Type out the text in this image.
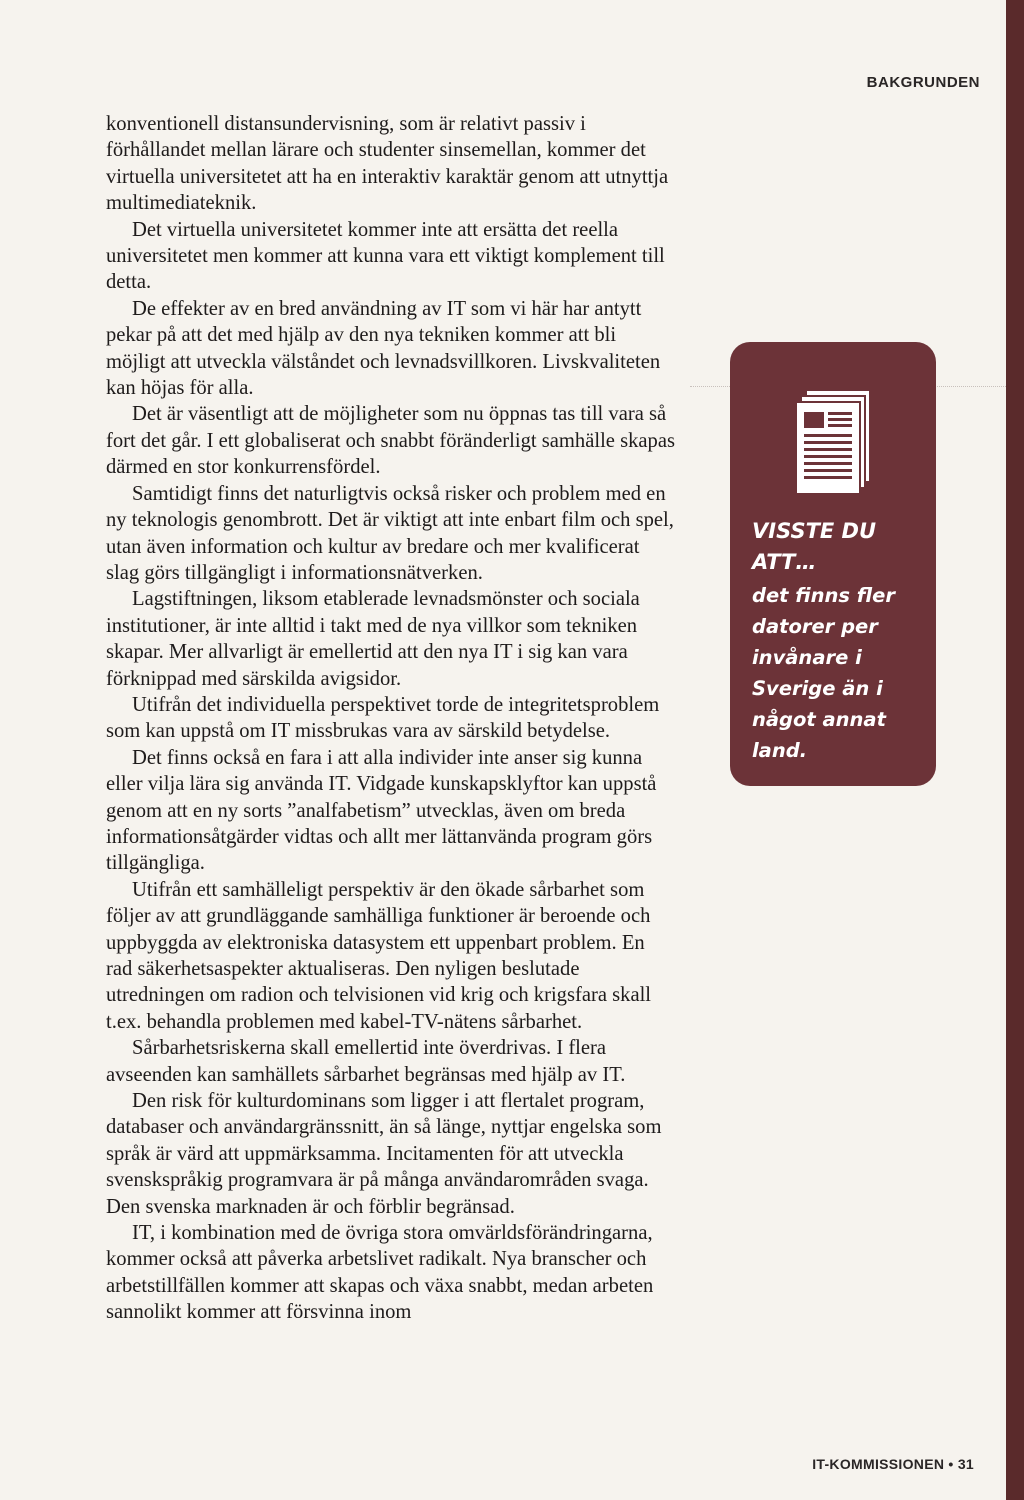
BAKGRUNDEN

konventionell distansundervisning, som är relativt passiv i förhållandet mellan lärare och studenter sinsemellan, kommer det virtuella universitetet att ha en interaktiv karaktär genom att utnyttja multimediateknik.

Det virtuella universitetet kommer inte att ersätta det reella universitetet men kommer att kunna vara ett viktigt komplement till detta.

De effekter av en bred användning av IT som vi här har antytt pekar på att det med hjälp av den nya tekniken kommer att bli möjligt att utveckla välståndet och levnadsvillkoren. Livskvaliteten kan höjas för alla.

Det är väsentligt att de möjligheter som nu öppnas tas till vara så fort det går. I ett globaliserat och snabbt föränderligt samhälle skapas därmed en stor konkurrensfördel.

Samtidigt finns det naturligtvis också risker och problem med en ny teknologis genombrott. Det är viktigt att inte enbart film och spel, utan även information och kultur av bredare och mer kvalificerat slag görs tillgängligt i informationsnätverken.

Lagstiftningen, liksom etablerade levnadsmönster och sociala institutioner, är inte alltid i takt med de nya villkor som tekniken skapar. Mer allvarligt är emellertid att den nya IT i sig kan vara förknippad med särskilda avigsidor.

Utifrån det individuella perspektivet torde de integritetsproblem som kan uppstå om IT missbrukas vara av särskild betydelse.

Det finns också en fara i att alla individer inte anser sig kunna eller vilja lära sig använda IT. Vidgade kunskapsklyftor kan uppstå genom att en ny sorts ”analfabetism” utvecklas, även om breda informationsåtgärder vidtas och allt mer lättanvända program görs tillgängliga.

Utifrån ett samhälleligt perspektiv är den ökade sårbarhet som följer av att grundläggande samhälliga funktioner är beroende och uppbyggda av elektroniska datasystem ett uppenbart problem. En rad säkerhetsaspekter aktualiseras. Den nyligen beslutade utredningen om radion och telvisionen vid krig och krigsfara skall t.ex. behandla problemen med kabel-TV-nätens sårbarhet.

Sårbarhetsriskerna skall emellertid inte överdrivas. I flera avseenden kan samhällets sårbarhet begränsas med hjälp av IT.

Den risk för kulturdominans som ligger i att flertalet program, databaser och användargränssnitt, än så länge, nyttjar engelska som språk är värd att uppmärksamma. Incitamenten för att utveckla svenskspråkig programvara är på många användarområden svaga. Den svenska marknaden är och förblir begränsad.

IT, i kombination med de övriga stora omvärldsförändringarna, kommer också att påverka arbetslivet radikalt. Nya branscher och arbetstillfällen kommer att skapas och växa snabbt, medan arbeten sannolikt kommer att försvinna inom

VISSTE DU ATT…

det finns fler datorer per invånare i Sverige än i något annat land.

IT-KOMMISSIONEN • 31
